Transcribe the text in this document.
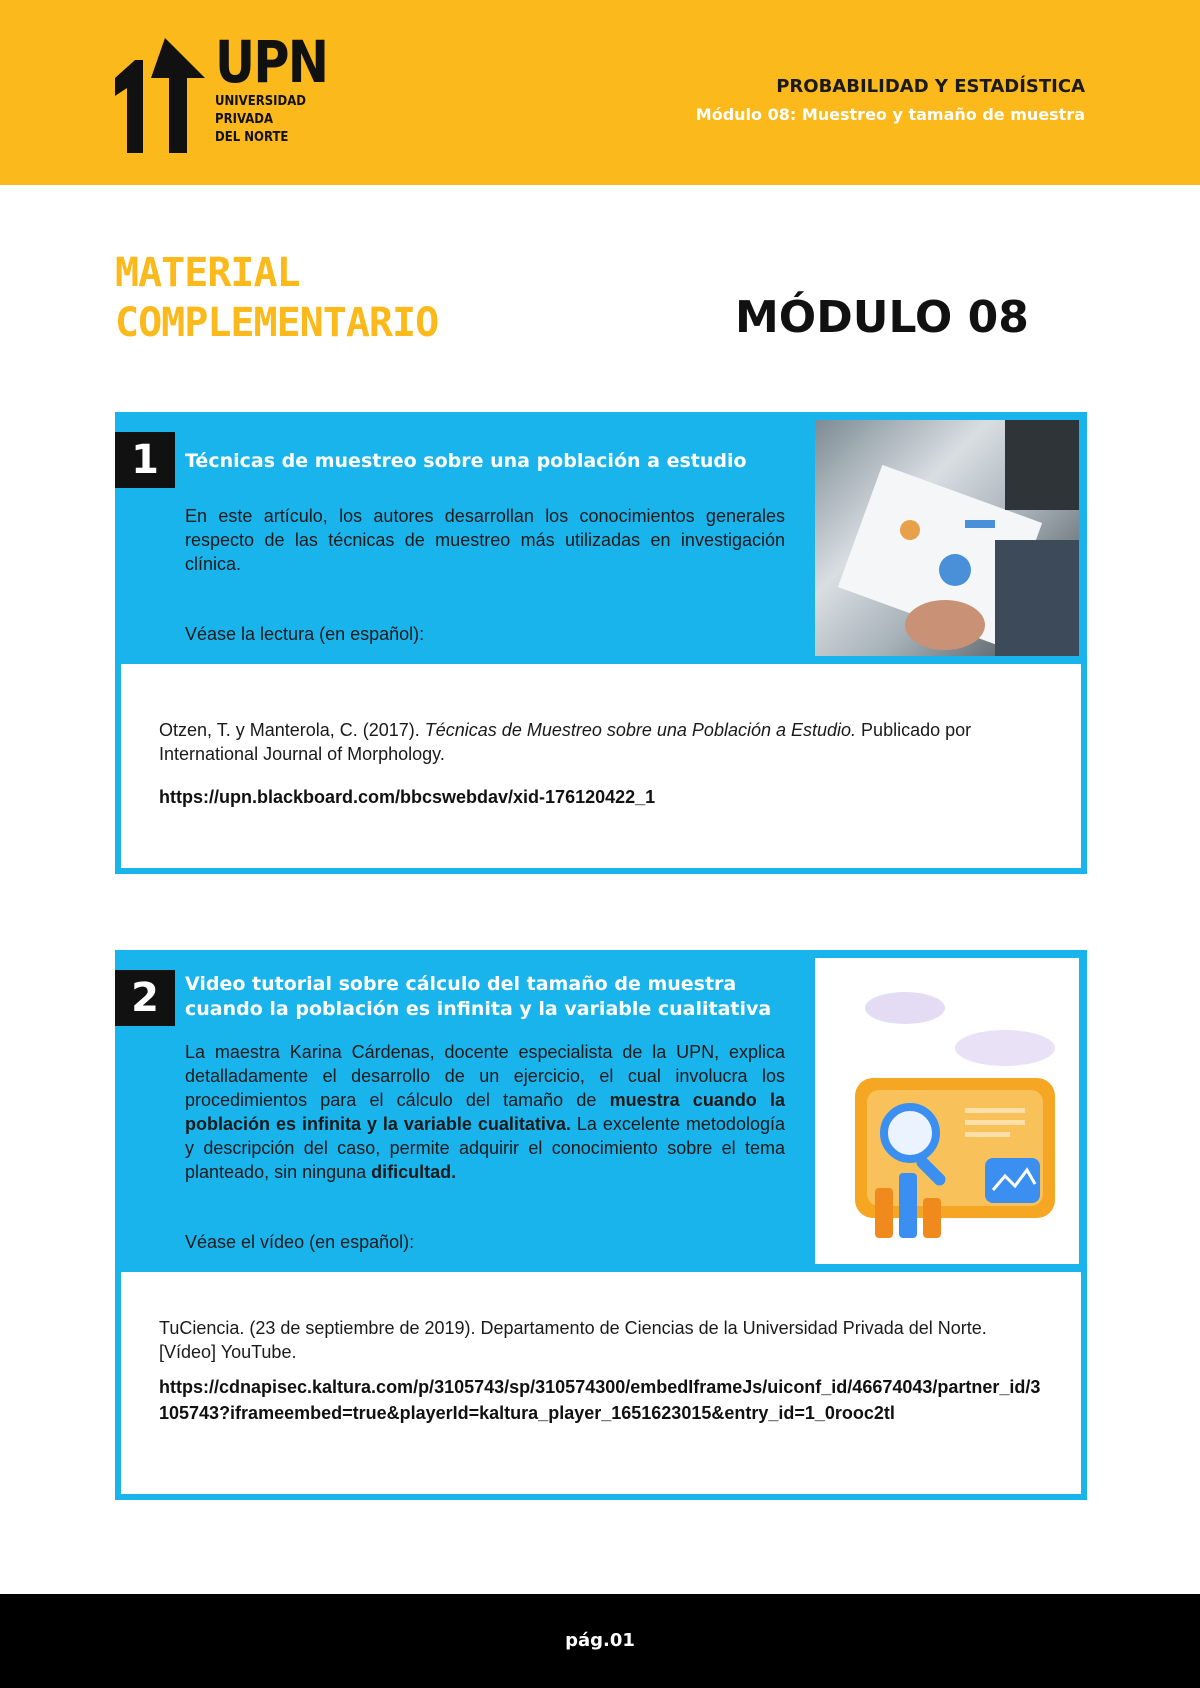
UPN
UNIVERSIDAD
PRIVADA
DEL NORTE
PROBABILIDAD Y ESTADÍSTICA
Módulo 08: Muestreo y tamaño de muestra
MATERIAL
COMPLEMENTARIO	MÓDULO 08
1	Técnicas de muestreo sobre una población a estudio
En este artículo, los autores desarrollan los conocimientos generales respecto de las técnicas de muestreo más utilizadas en investigación clínica.
Véase la lectura (en español):
Otzen, T. y Manterola, C. (2017). Técnicas de Muestreo sobre una Población a Estudio. Publicado por International Journal of Morphology.
https://upn.blackboard.com/bbcswebdav/xid-176120422_1
2	Video tutorial sobre cálculo del tamaño de muestra
cuando la población es infinita y la variable cualitativa
La maestra Karina Cárdenas, docente especialista de la UPN, explica detalladamente el desarrollo de un ejercicio, el cual involucra los procedimientos para el cálculo del tamaño de muestra cuando la población es infinita y la variable cualitativa. La excelente metodología y descripción del caso, permite adquirir el conocimiento sobre el tema planteado, sin ninguna dificultad.
Véase el vídeo (en español):
TuCiencia. (23 de septiembre de 2019). Departamento de Ciencias de la Universidad Privada del Norte. [Vídeo] YouTube.
https://cdnapisec.kaltura.com/p/3105743/sp/310574300/embedIframeJs/uiconf_id/46674043/partner_id/3105743?iframeembed=true&playerId=kaltura_player_1651623015&entry_id=1_0rooc2tl
pág.01
